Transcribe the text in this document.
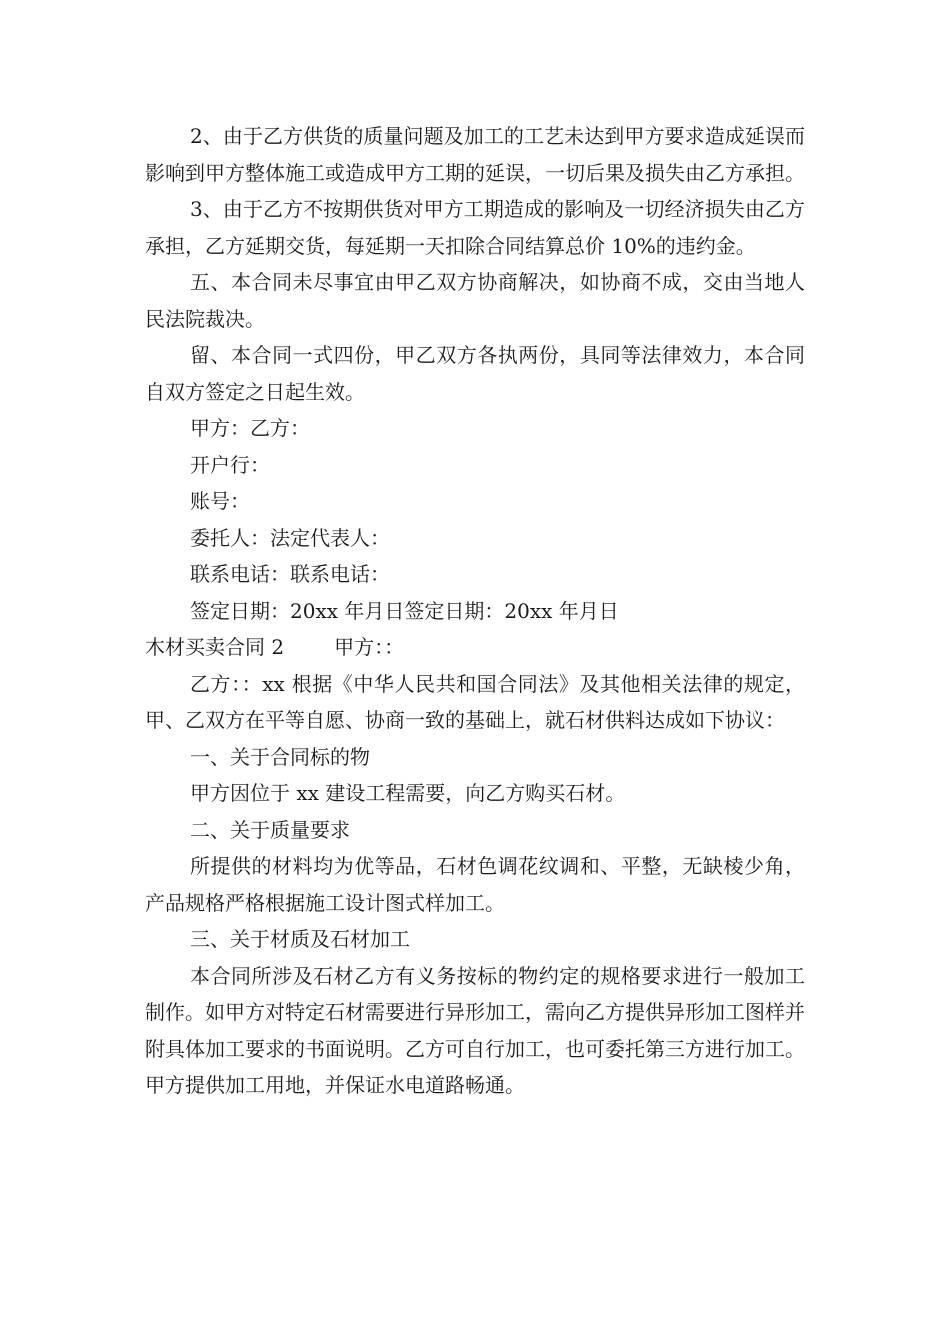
2、由于乙方供货的质量问题及加工的工艺未达到甲方要求造成延误而影响到甲方整体施工或造成甲方工期的延误，一切后果及损失由乙方承担。

3、由于乙方不按期供货对甲方工期造成的影响及一切经济损失由乙方承担，乙方延期交货，每延期一天扣除合同结算总价 10%的违约金。

五、本合同未尽事宜由甲乙双方协商解决，如协商不成，交由当地人民法院裁决。

留、本合同一式四份，甲乙双方各执两份，具同等法律效力，本合同自双方签定之日起生效。

甲方：乙方：

开户行：

账号：

委托人：法定代表人：

联系电话：联系电话：

签定日期：20xx 年月日签定日期：20xx 年月日

木材买卖合同 2	甲方：：

乙方：：xx 根据《中华人民共和国合同法》及其他相关法律的规定，甲、乙双方在平等自愿、协商一致的基础上，就石材供料达成如下协议：

一、关于合同标的物

甲方因位于 xx 建设工程需要，向乙方购买石材。

二、关于质量要求

所提供的材料均为优等品，石材色调花纹调和、平整，无缺棱少角，产品规格严格根据施工设计图式样加工。

三、关于材质及石材加工

本合同所涉及石材乙方有义务按标的物约定的规格要求进行一般加工制作。如甲方对特定石材需要进行异形加工，需向乙方提供异形加工图样并附具体加工要求的书面说明。乙方可自行加工，也可委托第三方进行加工。甲方提供加工用地，并保证水电道路畅通。
